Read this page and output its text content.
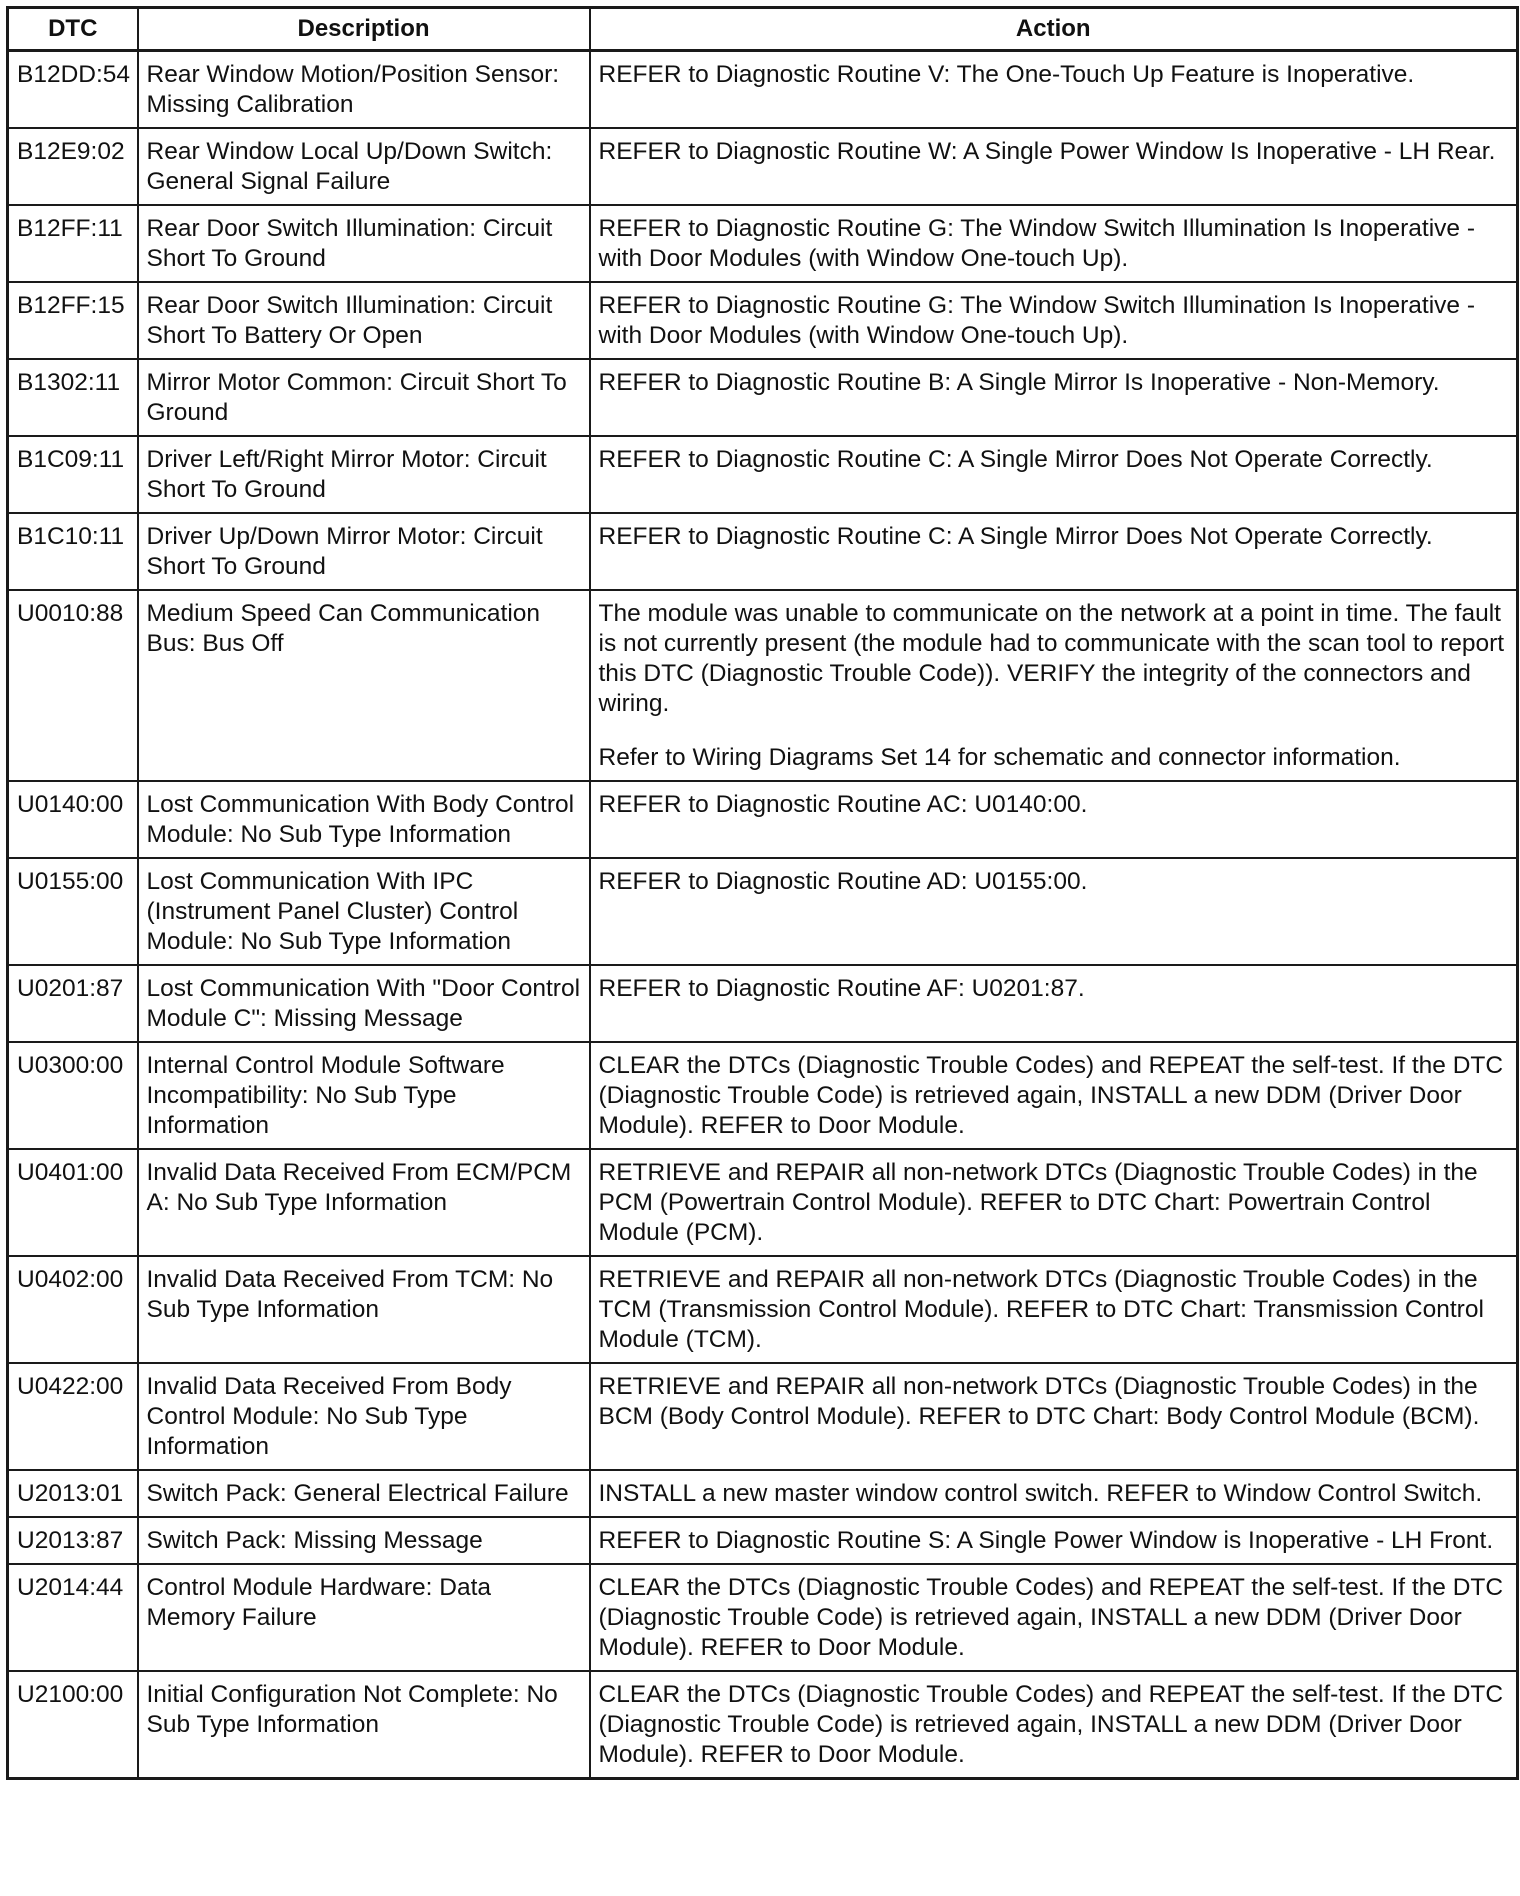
DTC	Description	Action
B12DD:54	Rear Window Motion/Position Sensor: Missing Calibration	REFER to Diagnostic Routine V: The One-Touch Up Feature is Inoperative.

B12E9:02	Rear Window Local Up/Down Switch: General Signal Failure	REFER to Diagnostic Routine W: A Single Power Window Is Inoperative - LH Rear.

B12FF:11	Rear Door Switch Illumination: Circuit Short To Ground	REFER to Diagnostic Routine G: The Window Switch Illumination Is Inoperative - with Door Modules (with Window One-touch Up).

B12FF:15	Rear Door Switch Illumination: Circuit Short To Battery Or Open	REFER to Diagnostic Routine G: The Window Switch Illumination Is Inoperative - with Door Modules (with Window One-touch Up).

B1302:11	Mirror Motor Common: Circuit Short To Ground	REFER to Diagnostic Routine B: A Single Mirror Is Inoperative - Non-Memory.

B1C09:11	Driver Left/Right Mirror Motor: Circuit Short To Ground	REFER to Diagnostic Routine C: A Single Mirror Does Not Operate Correctly.

B1C10:11	Driver Up/Down Mirror Motor: Circuit Short To Ground	REFER to Diagnostic Routine C: A Single Mirror Does Not Operate Correctly.

U0010:88	Medium Speed Can Communication Bus: Bus Off	The module was unable to communicate on the network at a point in time. The fault is not currently present (the module had to communicate with the scan tool to report this DTC (Diagnostic Trouble Code)). VERIFY the integrity of the connectors and wiring.
Refer to Wiring Diagrams Set 14 for schematic and connector information.

U0140:00	Lost Communication With Body Control Module: No Sub Type Information	REFER to Diagnostic Routine AC: U0140:00.

U0155:00	Lost Communication With IPC (Instrument Panel Cluster) Control Module: No Sub Type Information	REFER to Diagnostic Routine AD: U0155:00.

U0201:87	Lost Communication With "Door Control Module C": Missing Message	REFER to Diagnostic Routine AF: U0201:87.

U0300:00	Internal Control Module Software Incompatibility: No Sub Type Information	CLEAR the DTCs (Diagnostic Trouble Codes) and REPEAT the self-test. If the DTC (Diagnostic Trouble Code) is retrieved again, INSTALL a new DDM (Driver Door Module). REFER to Door Module.

U0401:00	Invalid Data Received From ECM/PCM A: No Sub Type Information	RETRIEVE and REPAIR all non-network DTCs (Diagnostic Trouble Codes) in the PCM (Powertrain Control Module). REFER to DTC Chart: Powertrain Control Module (PCM).

U0402:00	Invalid Data Received From TCM: No Sub Type Information	RETRIEVE and REPAIR all non-network DTCs (Diagnostic Trouble Codes) in the TCM (Transmission Control Module). REFER to DTC Chart: Transmission Control Module (TCM).

U0422:00	Invalid Data Received From Body Control Module: No Sub Type Information	RETRIEVE and REPAIR all non-network DTCs (Diagnostic Trouble Codes) in the BCM (Body Control Module). REFER to DTC Chart: Body Control Module (BCM).

U2013:01	Switch Pack: General Electrical Failure	INSTALL a new master window control switch. REFER to Window Control Switch.

U2013:87	Switch Pack: Missing Message	REFER to Diagnostic Routine S: A Single Power Window is Inoperative - LH Front.

U2014:44	Control Module Hardware: Data Memory Failure	CLEAR the DTCs (Diagnostic Trouble Codes) and REPEAT the self-test. If the DTC (Diagnostic Trouble Code) is retrieved again, INSTALL a new DDM (Driver Door Module). REFER to Door Module.

U2100:00	Initial Configuration Not Complete: No Sub Type Information	CLEAR the DTCs (Diagnostic Trouble Codes) and REPEAT the self-test. If the DTC (Diagnostic Trouble Code) is retrieved again, INSTALL a new DDM (Driver Door Module). REFER to Door Module.
